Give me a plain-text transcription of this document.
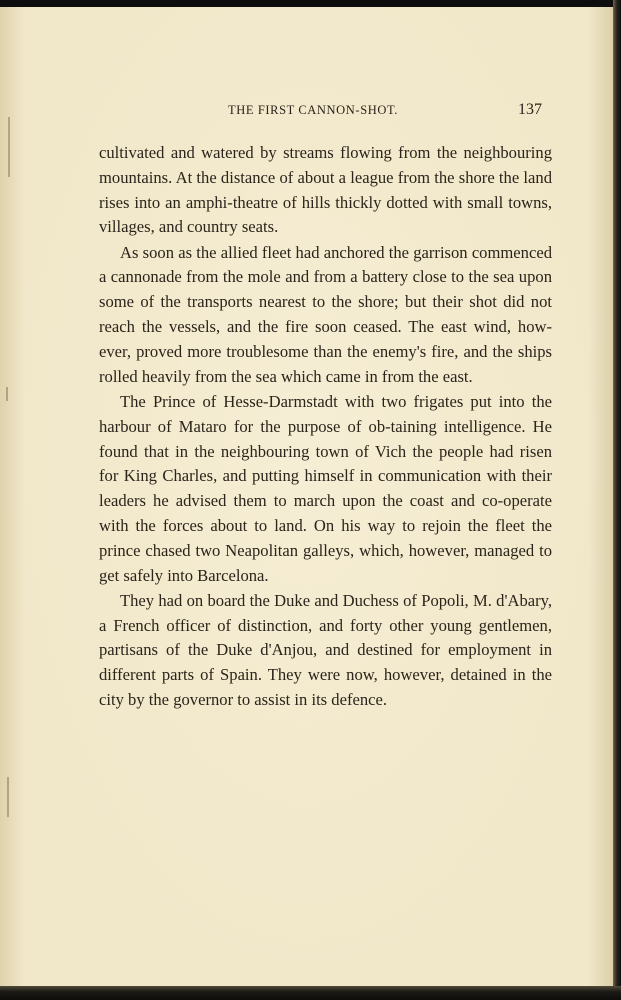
THE FIRST CANNON-SHOT.	137

cultivated and watered by streams flowing from the neighbouring mountains. At the distance of about a league from the shore the land rises into an amphi-theatre of hills thickly dotted with small towns, villages, and country seats.

As soon as the allied fleet had anchored the garrison commenced a cannonade from the mole and from a battery close to the sea upon some of the transports nearest to the shore; but their shot did not reach the vessels, and the fire soon ceased. The east wind, how-ever, proved more troublesome than the enemy's fire, and the ships rolled heavily from the sea which came in from the east.

The Prince of Hesse-Darmstadt with two frigates put into the harbour of Mataro for the purpose of ob-taining intelligence. He found that in the neighbouring town of Vich the people had risen for King Charles, and putting himself in communication with their leaders he advised them to march upon the coast and co-operate with the forces about to land. On his way to rejoin the fleet the prince chased two Neapolitan galleys, which, however, managed to get safely into Barcelona.

They had on board the Duke and Duchess of Popoli, M. d'Abary, a French officer of distinction, and forty other young gentlemen, partisans of the Duke d'Anjou, and destined for employment in different parts of Spain. They were now, however, detained in the city by the governor to assist in its defence.
